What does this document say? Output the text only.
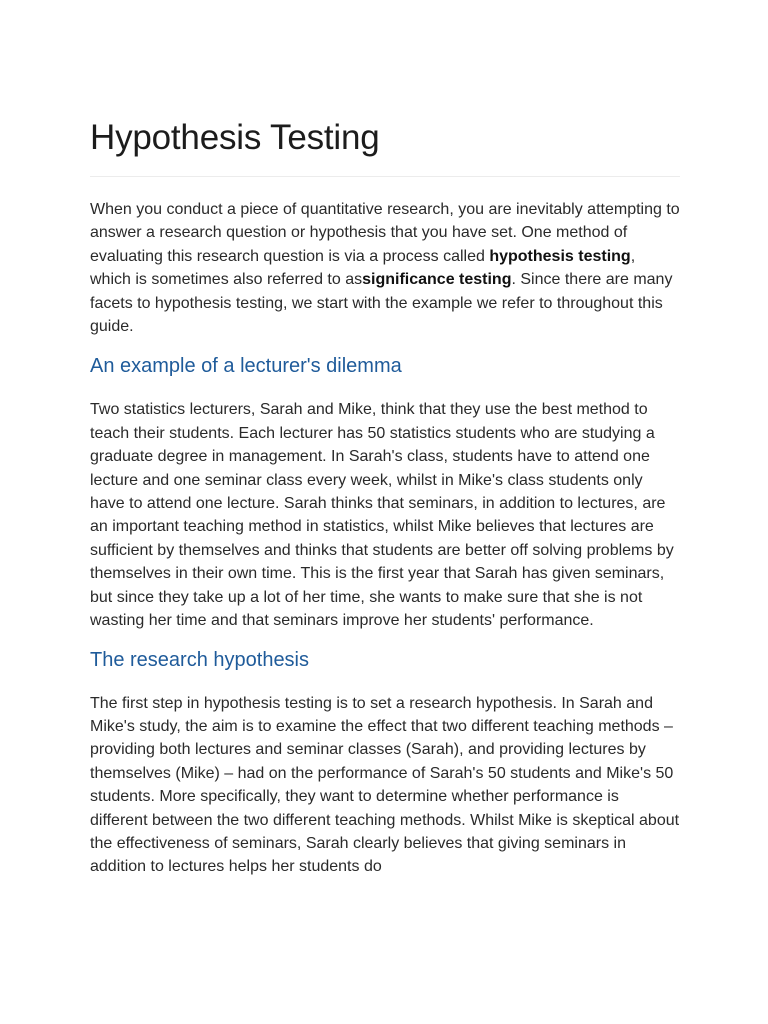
Hypothesis Testing

When you conduct a piece of quantitative research, you are inevitably attempting to answer a research question or hypothesis that you have set. One method of evaluating this research question is via a process called hypothesis testing, which is sometimes also referred to assignificance testing. Since there are many facets to hypothesis testing, we start with the example we refer to throughout this guide.

An example of a lecturer's dilemma

Two statistics lecturers, Sarah and Mike, think that they use the best method to teach their students. Each lecturer has 50 statistics students who are studying a graduate degree in management. In Sarah's class, students have to attend one lecture and one seminar class every week, whilst in Mike's class students only have to attend one lecture. Sarah thinks that seminars, in addition to lectures, are an important teaching method in statistics, whilst Mike believes that lectures are sufficient by themselves and thinks that students are better off solving problems by themselves in their own time. This is the first year that Sarah has given seminars, but since they take up a lot of her time, she wants to make sure that she is not wasting her time and that seminars improve her students' performance.

The research hypothesis

The first step in hypothesis testing is to set a research hypothesis. In Sarah and Mike's study, the aim is to examine the effect that two different teaching methods – providing both lectures and seminar classes (Sarah), and providing lectures by themselves (Mike) – had on the performance of Sarah's 50 students and Mike's 50 students. More specifically, they want to determine whether performance is different between the two different teaching methods. Whilst Mike is skeptical about the effectiveness of seminars, Sarah clearly believes that giving seminars in addition to lectures helps her students do
